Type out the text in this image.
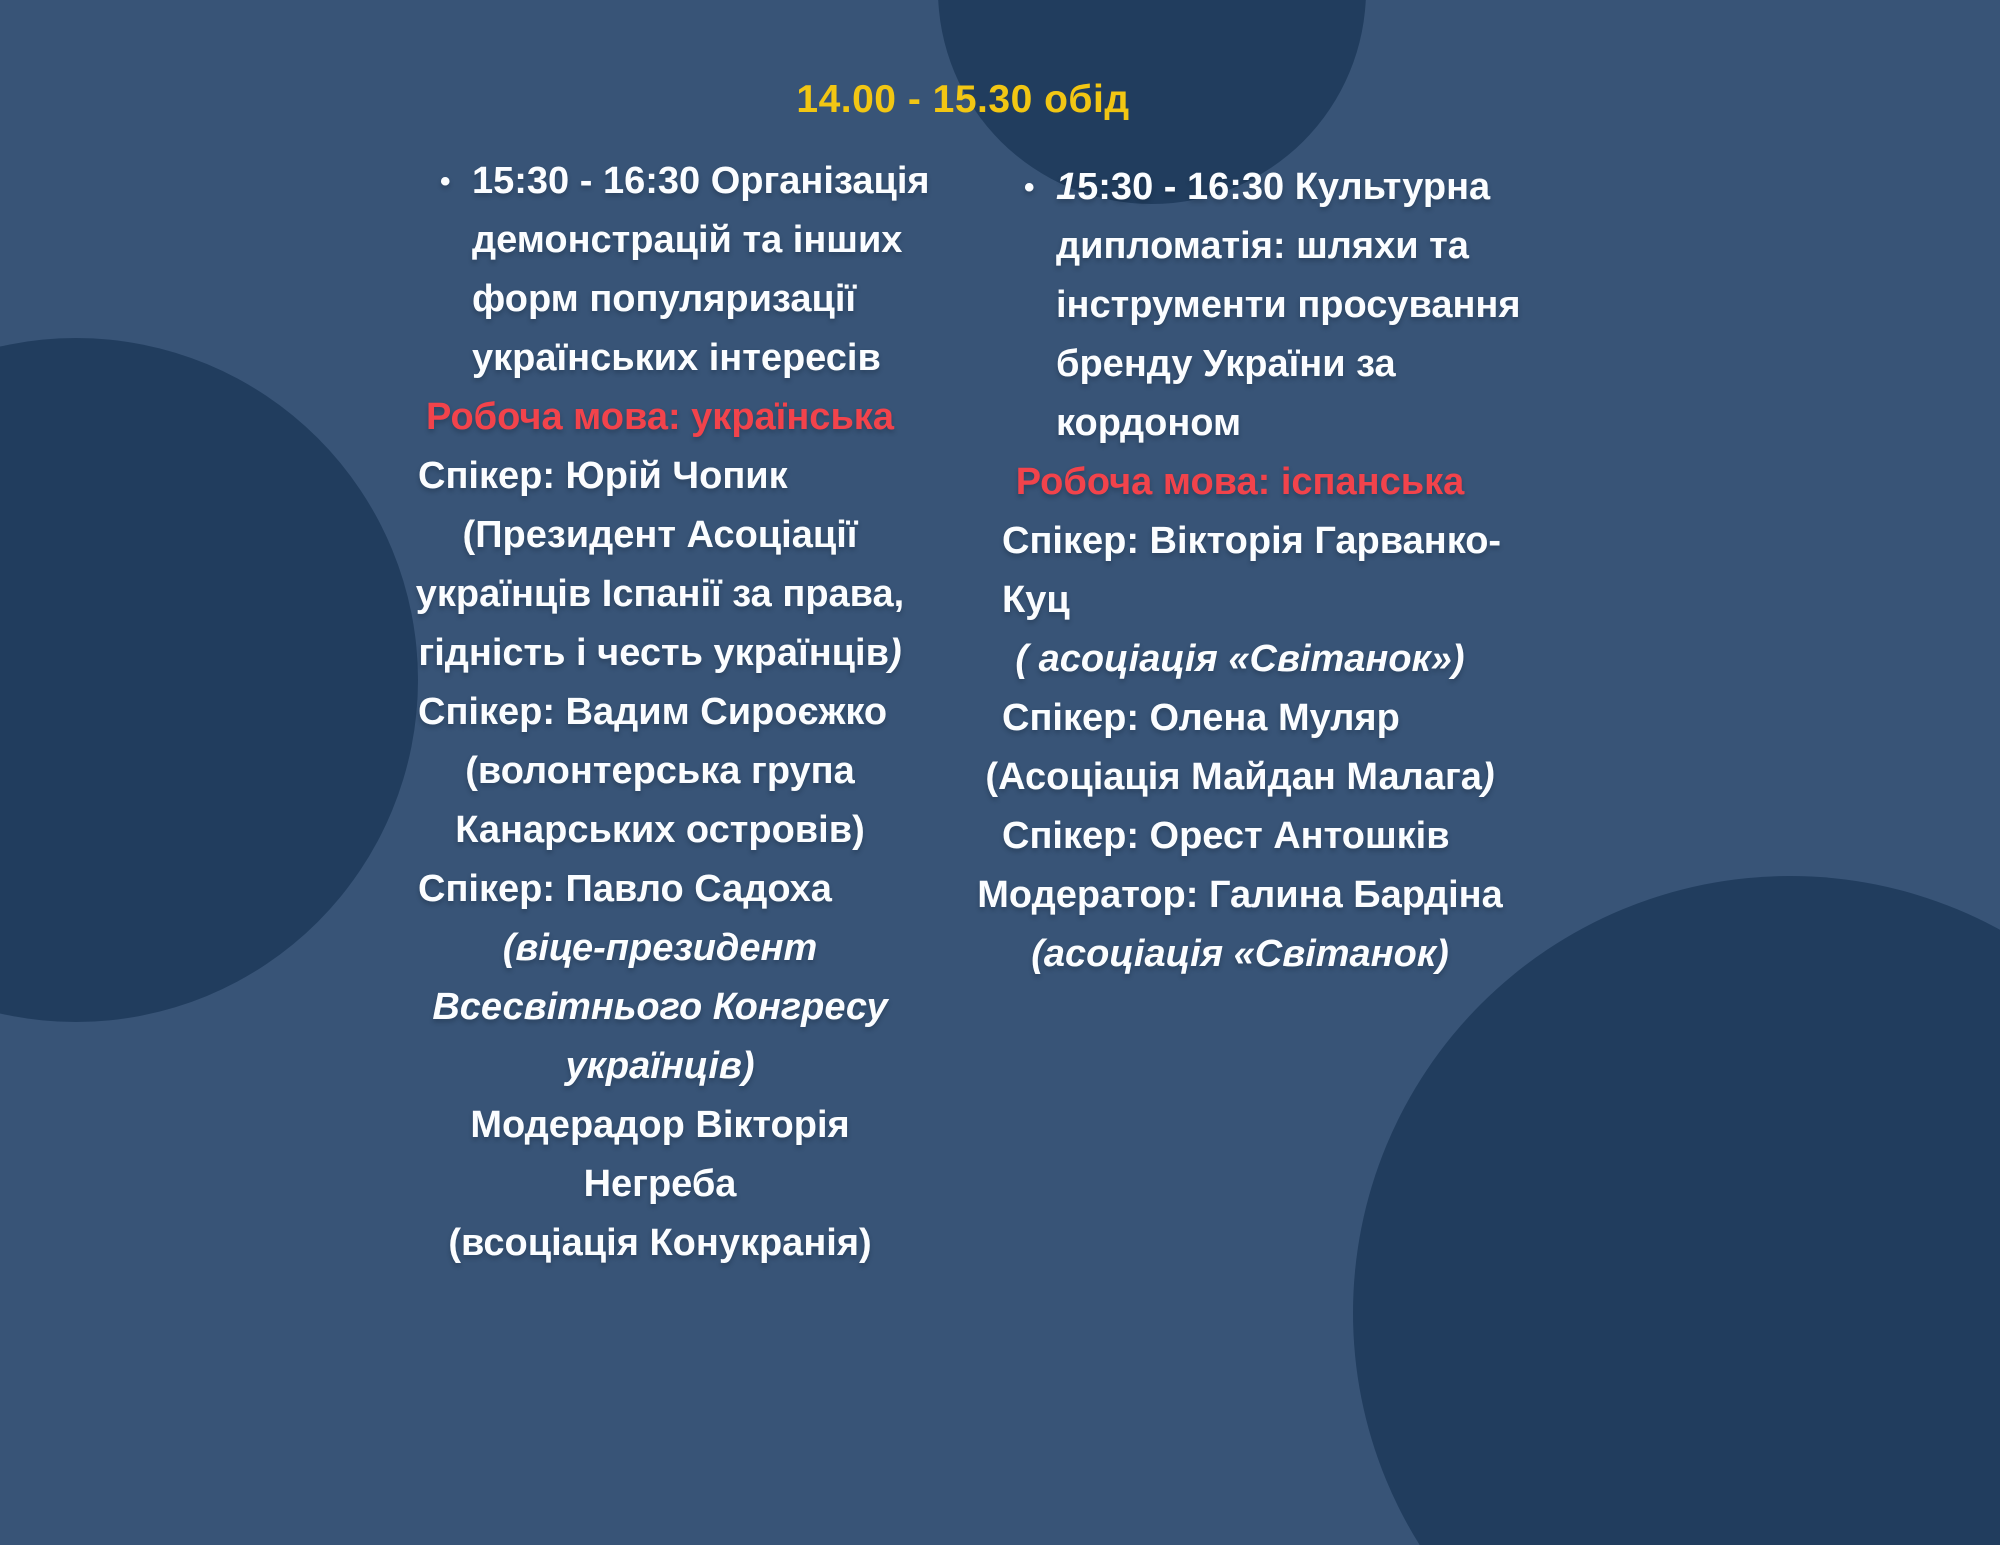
14.00 - 15.30 обід
• 15:30 - 16:30 Організація
демонстрацій та інших
форм популяризації
українських інтересів
Робоча мова: українська
Спікер: Юрій Чопик
(Президент Асоціації
українців Іспанії за права,
гідність і честь українців)
Спікер: Вадим Сироєжко
(волонтерська група
Канарських островів)
Спікер: Павло Садоха
(віце-президент
Всесвітнього Конгресу
українців)
Модерадор Вікторія
Негреба
(всоціація Конукранія)
• 15:30 - 16:30 Культурна
дипломатія: шляхи та
інструменти просування
бренду України за
кордоном
Робоча мова: іспанська
Спікер: Вікторія Гарванко-
Куц
( асоціація «Світанок»)
Спікер: Олена Муляр
(Асоціація Майдан Малага)
Спікер: Орест Антошків
Модератор: Галина Бардіна
(асоціація «Світанок)
